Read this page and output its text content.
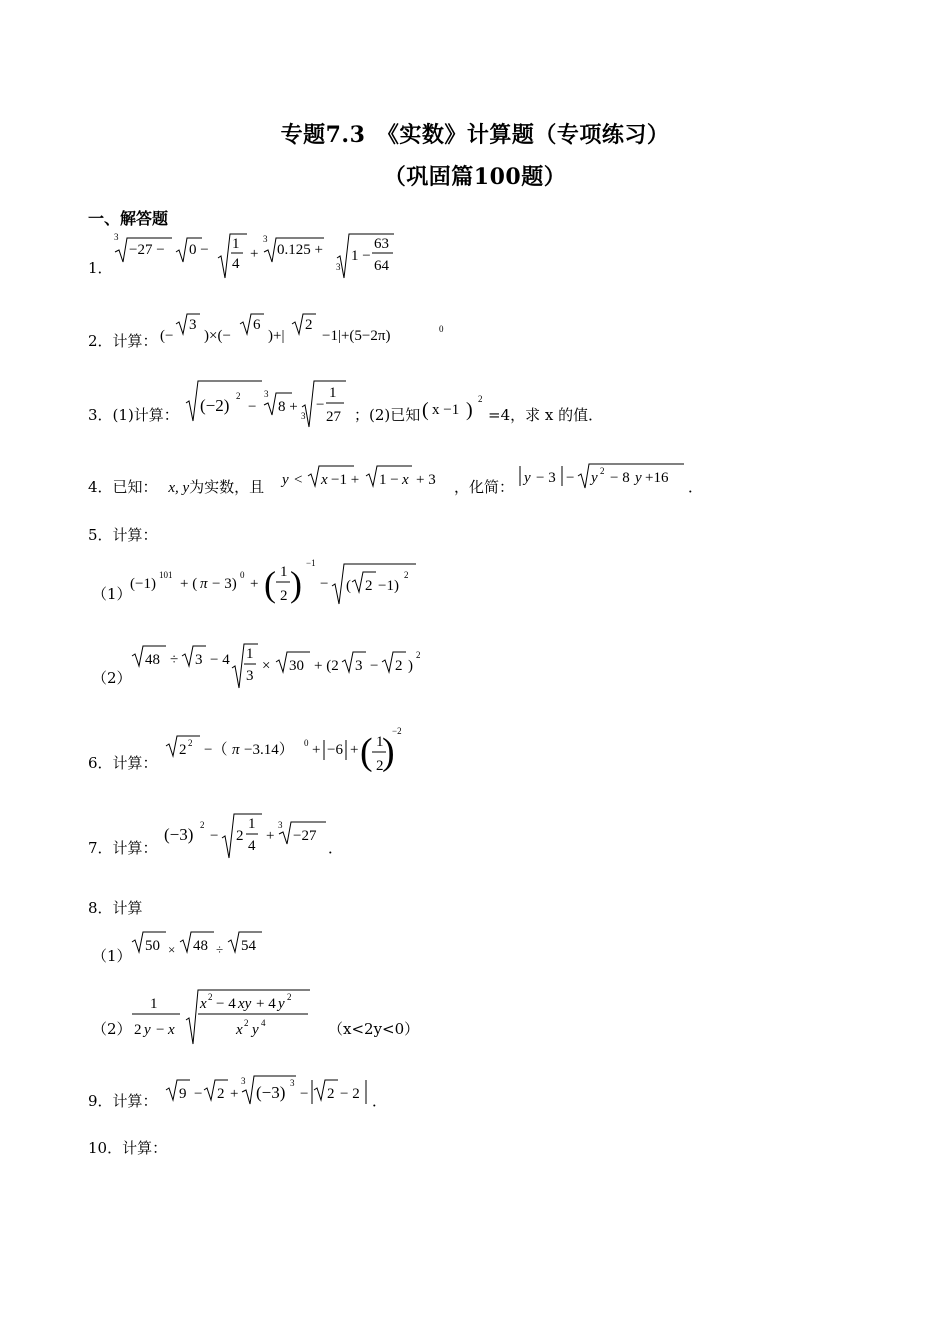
专题7.3　《实数》计算题（专项练习）
（巩固篇100题）
一、解答题
1．
3
−27 − 0 − 1
4
+
3
0.125 +
3
1 −
63
64
2．计算： (−
3
)×(−
6
)+|
2
−1|+(5−2π)	0
3．(1)计算： (−2) 2
−
3
8 +
3
−
1
27 ；(2)已知 ( x −1 ) 2
=4，求 x 的值．
4．已知： x, y为实数，且 y < x −1 + 1 − x + 3 ，化简： y − 3 − y 2 − 8 y +16 ．
5．计算：
（1）
(−1)
101
+ ( π − 3)
0
+ ( 1
2 )
−1
− ( 2 −1)
2
（2）
48 ÷ 3 − 4 1
3
× 30 + (2 3 − 2 )
2
6．计算：
2 2 −（ π −3.14） 0 + −6 + ( 1
2
)
−2
7．计算：
(−3) 2
− 2
1
4
+
3
−27
．
8．计算
（1）
50 × 48 ÷ 54
（2）
1
2 y − x
x 2 − 4 xy + 4 y 2
x 2 y 4	（x<2y<0）
9．计算： 9 − 2 +
3
(−3) 3
− 2 − 2 ．
10．计算：
